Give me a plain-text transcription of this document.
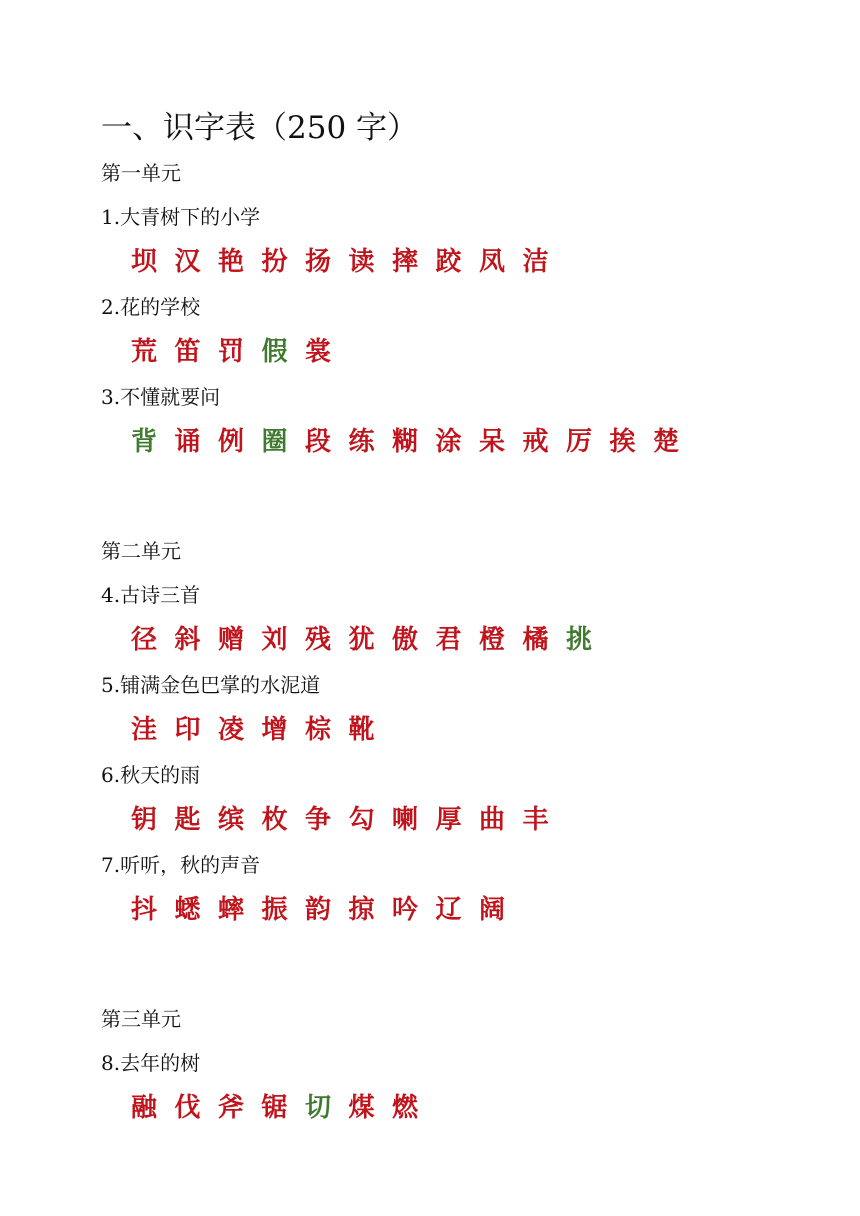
一、识字表（250 字）
第一单元
1.大青树下的小学
坝 汉 艳 扮 扬 读 摔 跤 凤 洁
2.花的学校
荒 笛 罚 假 裳
3.不懂就要问
背 诵 例 圈 段 练 糊 涂 呆 戒 厉 挨 楚
第二单元
4.古诗三首
径 斜 赠 刘 残 犹 傲 君 橙 橘 挑
5.铺满金色巴掌的水泥道
洼 印 凌 增 棕 靴
6.秋天的雨
钥 匙 缤 枚 争 勾 喇 厚 曲 丰
7.听听，秋的声音
抖 蟋 蟀 振 韵 掠 吟 辽 阔
第三单元
8.去年的树
融 伐 斧 锯 切 煤 燃
